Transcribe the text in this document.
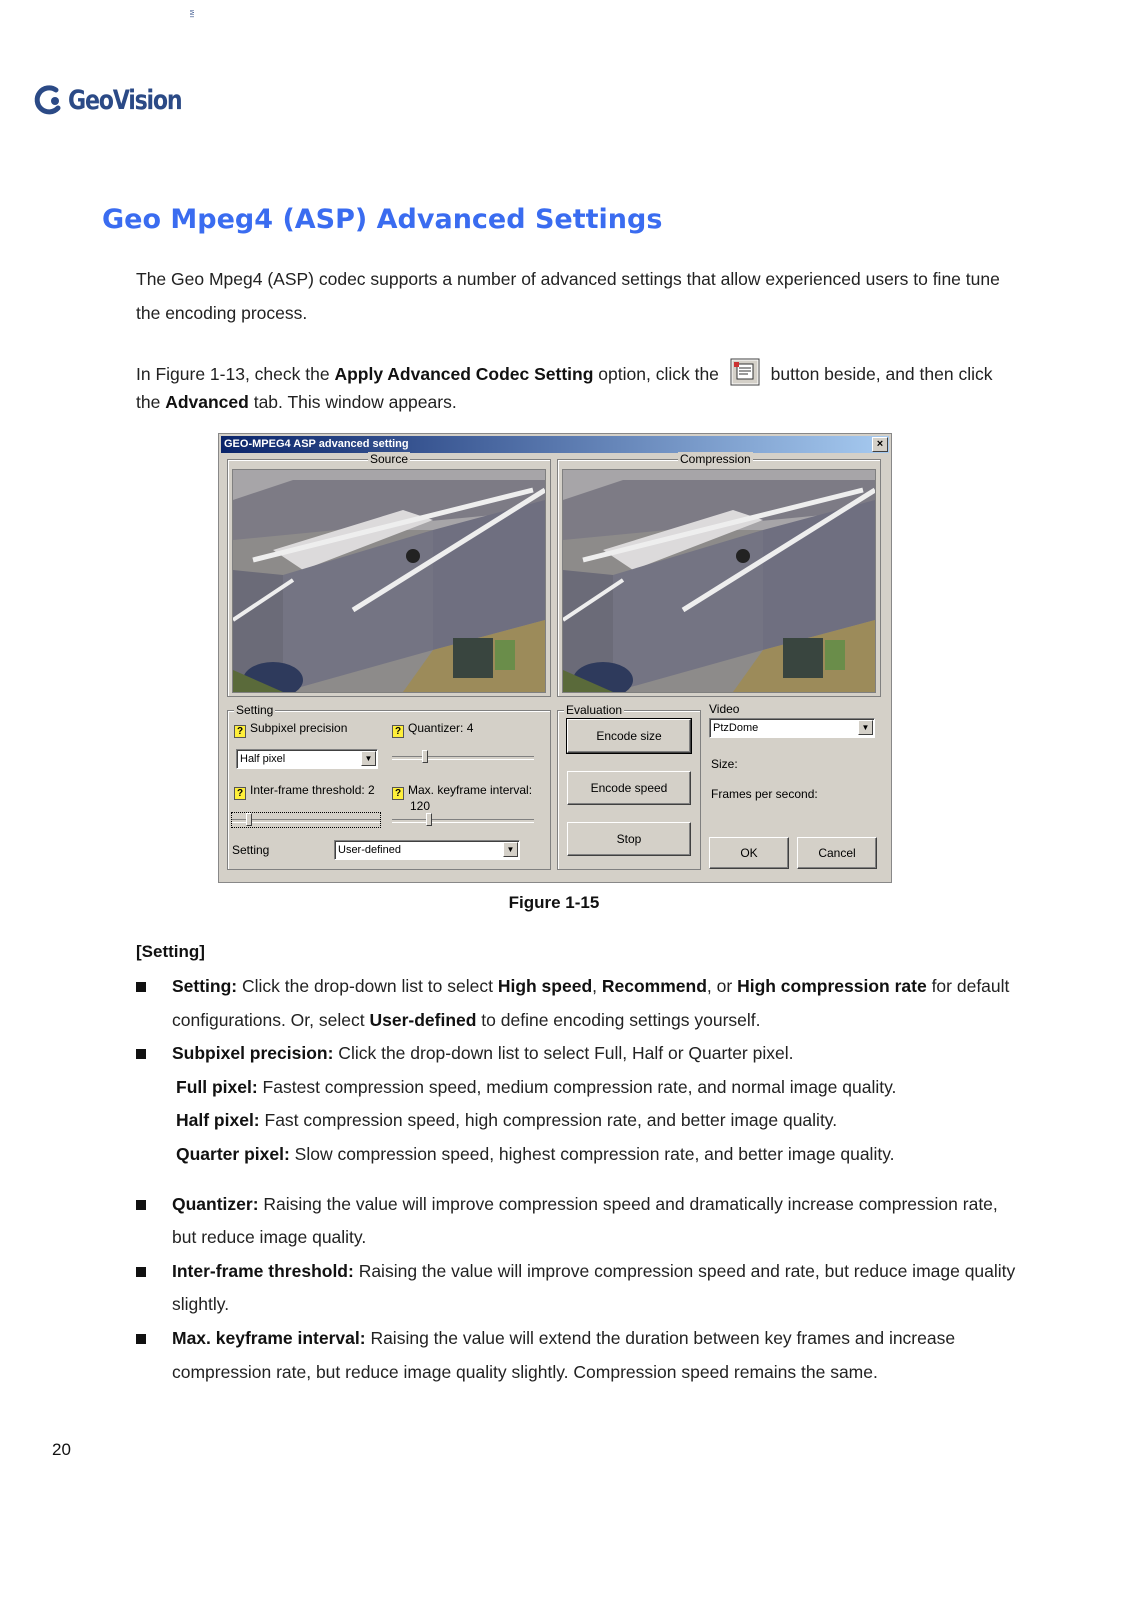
GeoVision
TM
Geo Mpeg4 (ASP) Advanced Settings
The Geo Mpeg4 (ASP) codec supports a number of advanced settings that allow experienced users to fine tune the encoding process.
In Figure 1-13, check the Apply Advanced Codec Setting option, click the  button beside, and then click the Advanced tab. This window appears.
GEO-MPEG4 ASP advanced setting	×
Source	Compression
Setting
? Subpixel precision	? Quantizer: 4
Half pixel	▼
? Inter-frame threshold: 2 ? Max. keyframe interval:
120
Setting	User-defined	▼
Evaluation
Encode size
Encode speed
Stop
Video
PtzDome	▼
Size:
Frames per second:
OK	Cancel
Figure 1-15
[Setting]
Setting: Click the drop-down list to select High speed, Recommend, or High compression rate for default configurations. Or, select User-defined to define encoding settings yourself.
Subpixel precision: Click the drop-down list to select Full, Half or Quarter pixel.
Full pixel: Fastest compression speed, medium compression rate, and normal image quality.
Half pixel: Fast compression speed, high compression rate, and better image quality.
Quarter pixel: Slow compression speed, highest compression rate, and better image quality.
Quantizer: Raising the value will improve compression speed and dramatically increase compression rate, but reduce image quality.
Inter-frame threshold: Raising the value will improve compression speed and rate, but reduce image quality slightly.
Max. keyframe interval: Raising the value will extend the duration between key frames and increase compression rate, but reduce image quality slightly. Compression speed remains the same.
20
